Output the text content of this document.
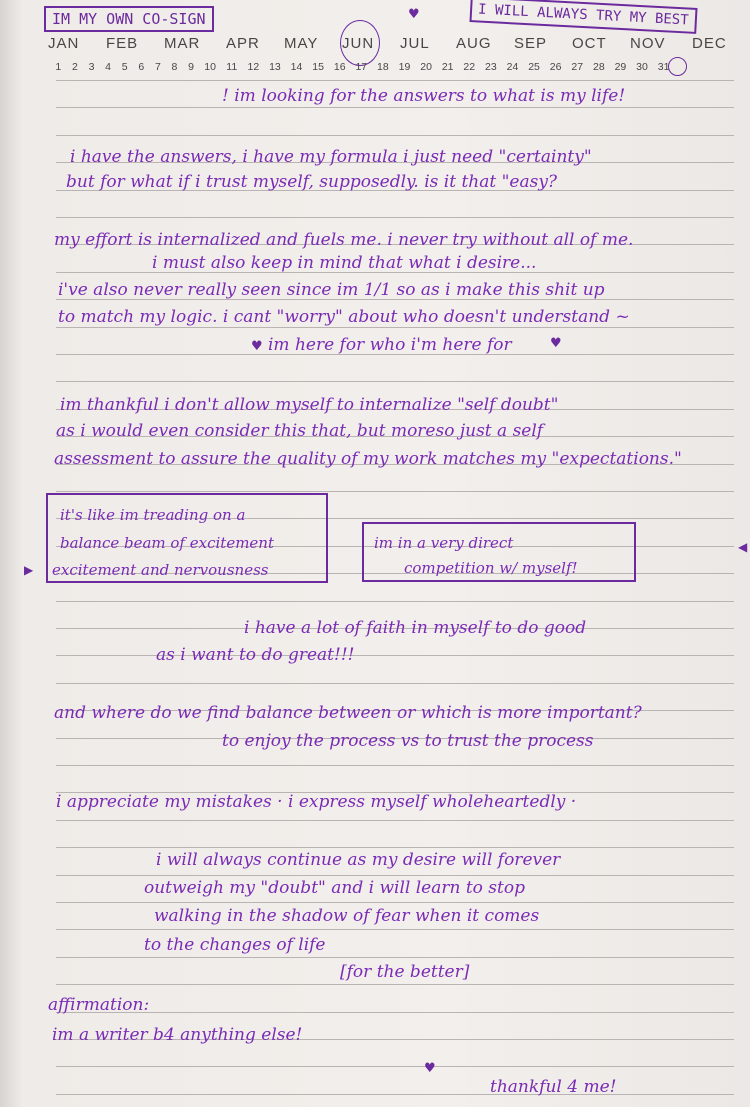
IM MY OWN CO-SIGN	I WILL ALWAYS TRY MY BEST
♥
JAN	FEB	MAR	APR	MAY	JUN	JUL	AUG	SEP	OCT	NOV	DEC
1	2	3	4	5	6	7	8	9 10 11 12 13 14 15 16 17 18 19 20 21 22 23 24 25 26 27 28 29 30 31
! im looking for the answers to what is my life!
i have the answers, i have my formula i just need "certainty"
but for what if i trust myself, supposedly. is it that "easy?
my effort is internalized and fuels me. i never try without all of me.
i must also keep in mind that what i desire...
i've also never really seen since im 1/1 so as i make this shit up
to match my logic. i cant "worry" about who doesn't understand ~
♥ im here for who i'm here for	♥
im thankful i don't allow myself to internalize "self doubt"
as i would even consider this that, but moreso just a self
assessment to assure the quality of my work matches my "expectations."
it's like im treading on a
balance beam of excitement
excitement and nervousness
▶
im in a very direct
competition w/ myself!
◀
i have a lot of faith in myself to do good
as i want to do great!!!
and where do we find balance between or which is more important?
to enjoy the process vs to trust the process
i appreciate my mistakes · i express myself wholeheartedly ·
i will always continue as my desire will forever
outweigh my "doubt" and i will learn to stop
walking in the shadow of fear when it comes
to the changes of life
[for the better]
affirmation:
im a writer b4 anything else!
♥
thankful 4 me!
